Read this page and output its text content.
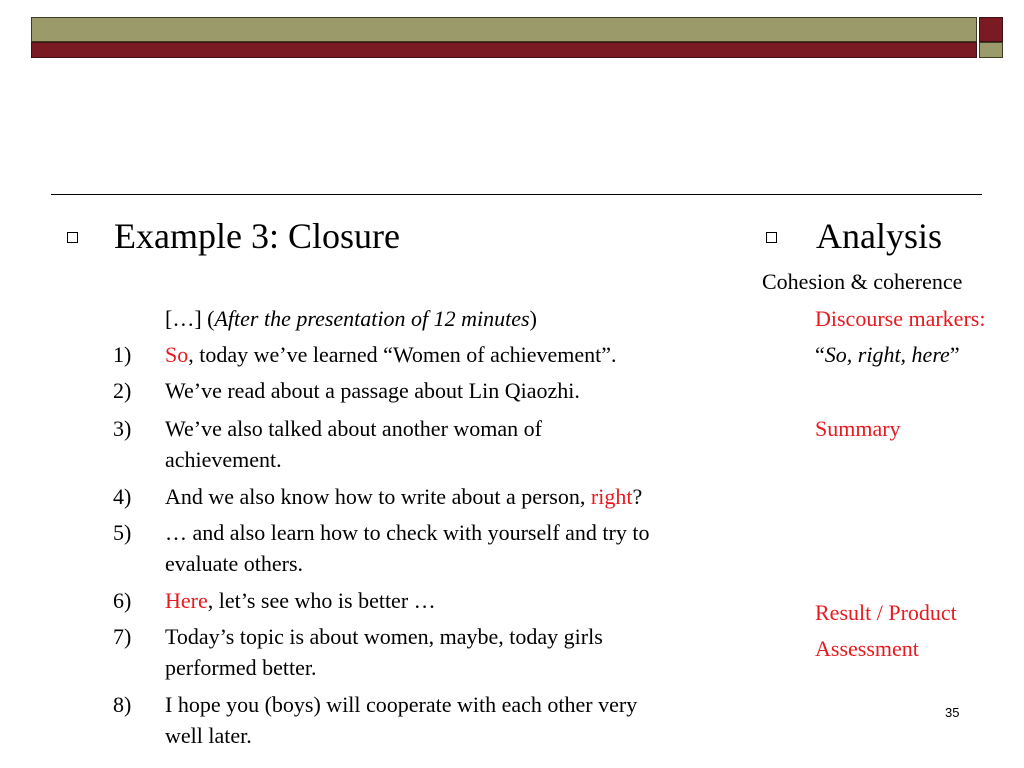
Example 3: Closure
[…] (After the presentation of 12 minutes)
1) So, today we’ve learned “Women of achievement”.
2) We’ve read about a passage about Lin Qiaozhi.
3) We’ve also talked about another woman of
achievement.
4) And we also know how to write about a person, right?
5) … and also learn how to check with yourself and try to
evaluate others.
6) Here, let’s see who is better …
7) Today’s topic is about women, maybe, today girls
performed better.
8) I hope you (boys) will cooperate with each other very
well later.
Analysis
Cohesion & coherence
Discourse markers:
“So, right, here”
Summary
Result / Product
Assessment
35
